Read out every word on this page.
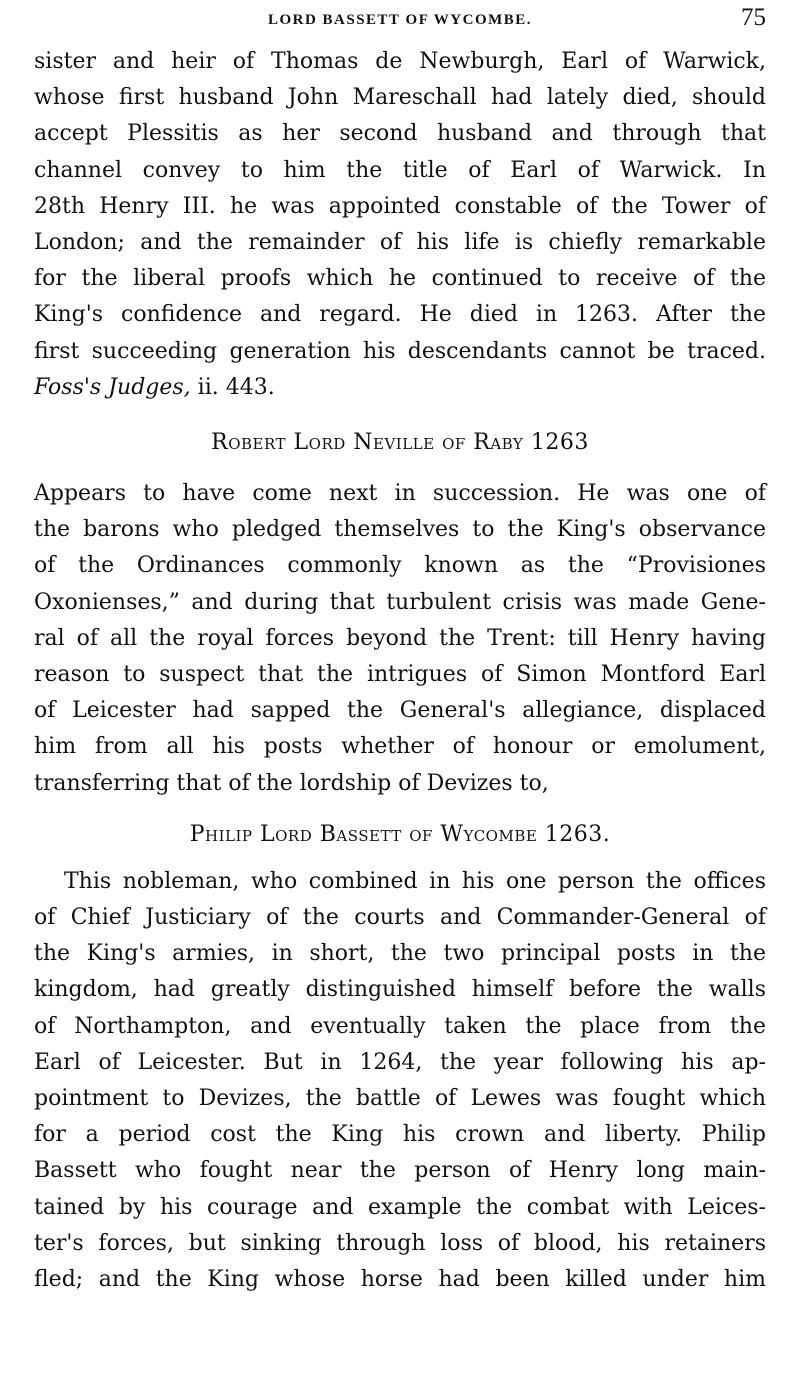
LORD BASSETT OF WYCOMBE.	75
sister and heir of Thomas de Newburgh, Earl of Warwick,
whose first husband John Mareschall had lately died, should
accept Plessitis as her second husband and through that
channel convey to him the title of Earl of Warwick. In
28th Henry III. he was appointed constable of the Tower of
London; and the remainder of his life is chiefly remarkable
for the liberal proofs which he continued to receive of the
King's confidence and regard. He died in 1263. After the
first succeeding generation his descendants cannot be traced.
Foss's Judges, ii. 443.
Robert Lord Neville of Raby 1263
Appears to have come next in succession. He was one of
the barons who pledged themselves to the King's observance
of the Ordinances commonly known as the “Provisiones
Oxonienses,” and during that turbulent crisis was made Gene-
ral of all the royal forces beyond the Trent: till Henry having
reason to suspect that the intrigues of Simon Montford Earl
of Leicester had sapped the General's allegiance, displaced
him from all his posts whether of honour or emolument,
transferring that of the lordship of Devizes to,
Philip Lord Bassett of Wycombe 1263.
This nobleman, who combined in his one person the offices
of Chief Justiciary of the courts and Commander-General of
the King's armies, in short, the two principal posts in the
kingdom, had greatly distinguished himself before the walls
of Northampton, and eventually taken the place from the
Earl of Leicester. But in 1264, the year following his ap-
pointment to Devizes, the battle of Lewes was fought which
for a period cost the King his crown and liberty. Philip
Bassett who fought near the person of Henry long main-
tained by his courage and example the combat with Leices-
ter's forces, but sinking through loss of blood, his retainers
fled; and the King whose horse had been killed under him
